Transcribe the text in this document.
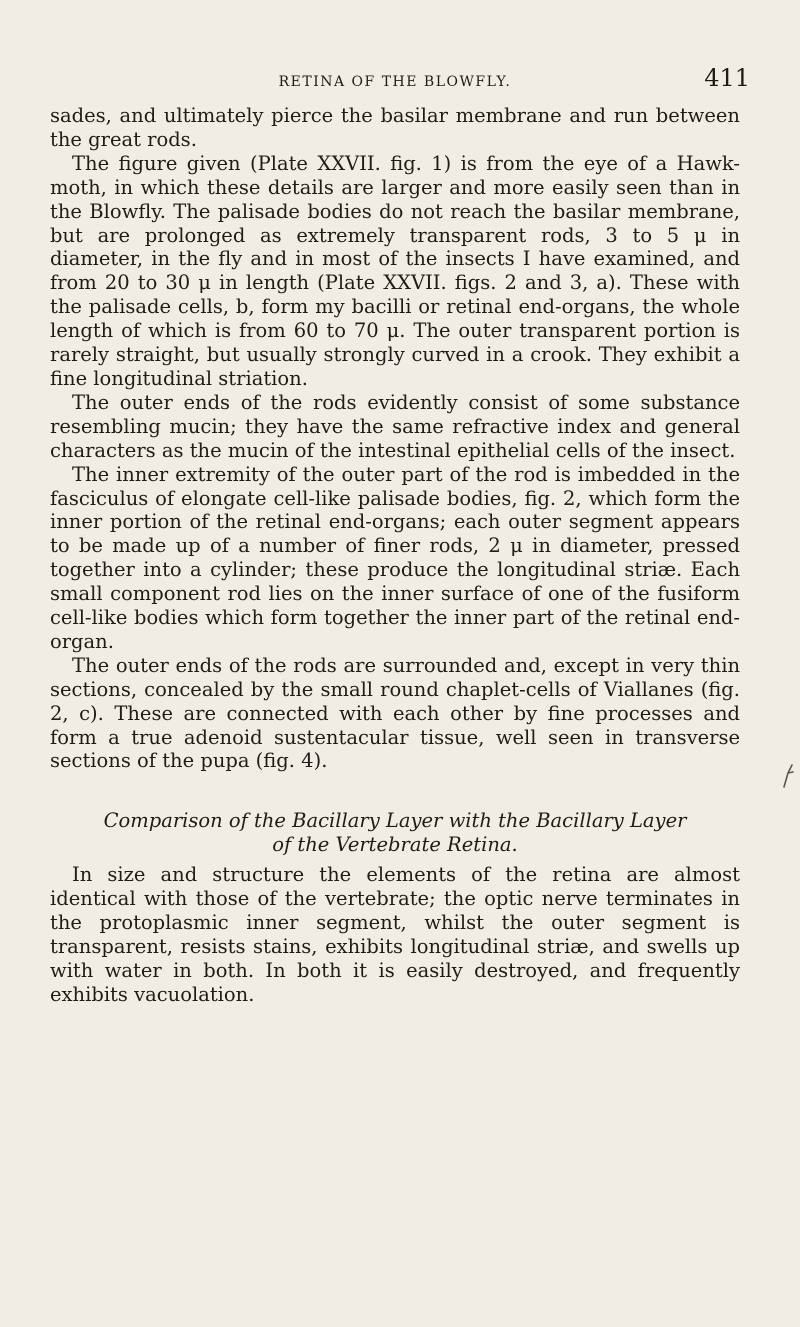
RETINA OF THE BLOWFLY.	411

sades, and ultimately pierce the basilar membrane and run between the great rods.

The figure given (Plate XXVII. fig. 1) is from the eye of a Hawk-moth, in which these details are larger and more easily seen than in the Blowfly. The palisade bodies do not reach the basilar membrane, but are prolonged as extremely transparent rods, 3 to 5 μ in diameter, in the fly and in most of the insects I have examined, and from 20 to 30 μ in length (Plate XXVII. figs. 2 and 3, a). These with the palisade cells, b, form my bacilli or retinal end-organs, the whole length of which is from 60 to 70 μ. The outer transparent portion is rarely straight, but usually strongly curved in a crook. They exhibit a fine longitudinal striation.

The outer ends of the rods evidently consist of some substance resembling mucin; they have the same refractive index and general characters as the mucin of the intestinal epithelial cells of the insect.

The inner extremity of the outer part of the rod is imbedded in the fasciculus of elongate cell-like palisade bodies, fig. 2, which form the inner portion of the retinal end-organs; each outer segment appears to be made up of a number of finer rods, 2 μ in diameter, pressed together into a cylinder; these produce the longitudinal striæ. Each small component rod lies on the inner surface of one of the fusiform cell-like bodies which form together the inner part of the retinal end-organ.

The outer ends of the rods are surrounded and, except in very thin sections, concealed by the small round chaplet-cells of Viallanes (fig. 2, c). These are connected with each other by fine processes and form a true adenoid sustentacular tissue, well seen in transverse sections of the pupa (fig. 4).

Comparison of the Bacillary Layer with the Bacillary Layer
of the Vertebrate Retina.

In size and structure the elements of the retina are almost identical with those of the vertebrate; the optic nerve terminates in the protoplasmic inner segment, whilst the outer segment is transparent, resists stains, exhibits longitudinal striæ, and swells up with water in both. In both it is easily destroyed, and frequently exhibits vacuolation.
